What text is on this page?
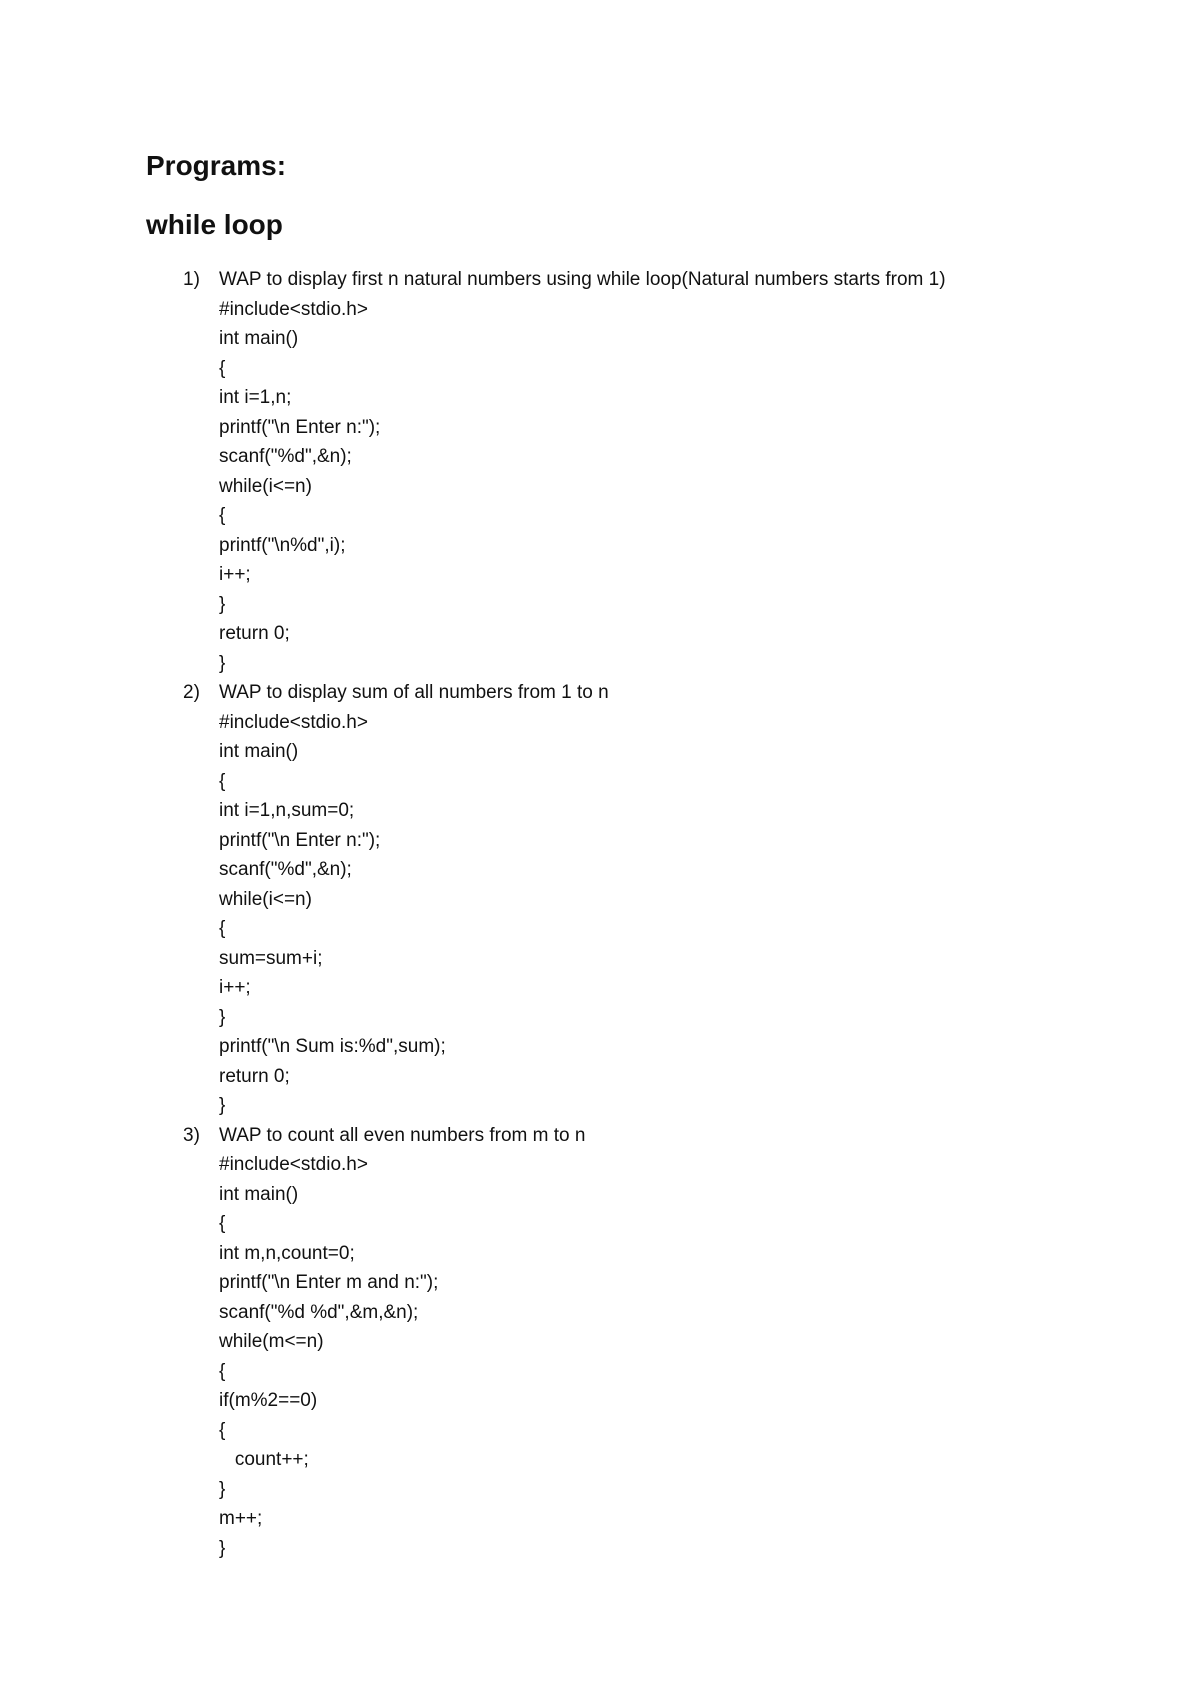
Programs:
while loop
1)	WAP to display first n natural numbers using while loop(Natural numbers starts from 1)
#include<stdio.h>
int main()
{
int i=1,n;
printf("\n Enter n:");
scanf("%d",&n);
while(i<=n)
{
printf("\n%d",i);
i++;
}
return 0;
}
2)	WAP to display sum of all numbers from 1 to n
#include<stdio.h>
int main()
{
int i=1,n,sum=0;
printf("\n Enter n:");
scanf("%d",&n);
while(i<=n)
{
sum=sum+i;
i++;
}
printf("\n Sum is:%d",sum);
return 0;
}
3)	WAP to count all even numbers from m to n
#include<stdio.h>
int main()
{
int m,n,count=0;
printf("\n Enter m and n:");
scanf("%d %d",&m,&n);
while(m<=n)
{
if(m%2==0)
{
count++;
}
m++;
}
